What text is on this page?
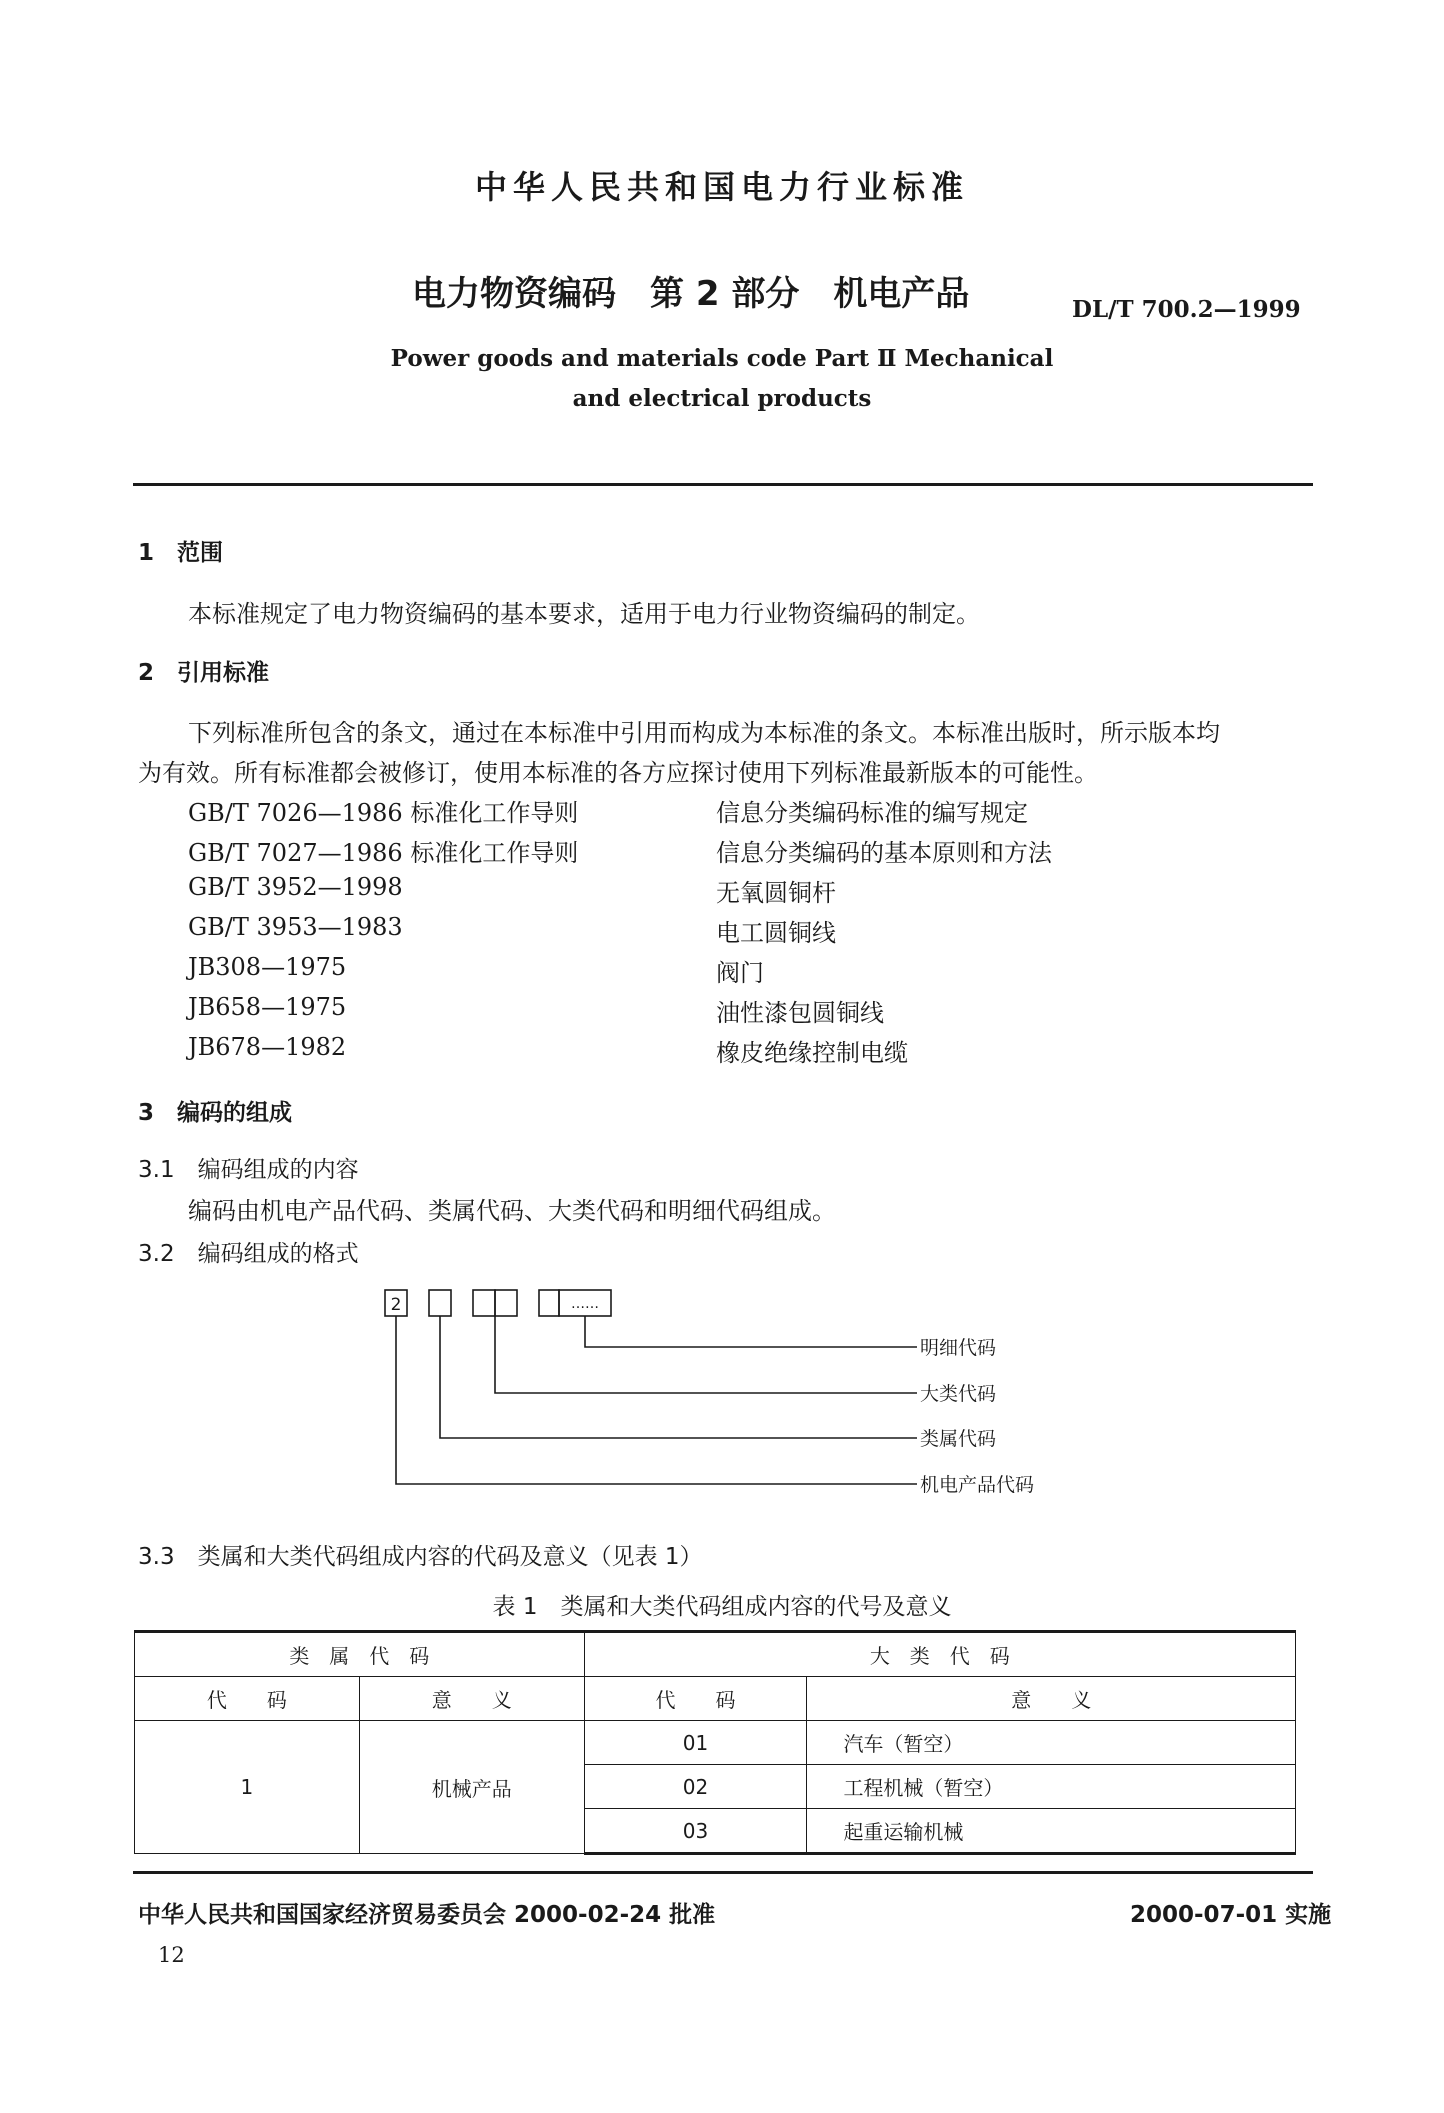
中华人民共和国电力行业标准
电力物资编码　第 2 部分　机电产品	DL/T 700.2—1999
Power goods and materials code Part Ⅱ Mechanical
and electrical products
1　范围
本标准规定了电力物资编码的基本要求，适用于电力行业物资编码的制定。
2　引用标准
下列标准所包含的条文，通过在本标准中引用而构成为本标准的条文。本标准出版时，所示版本均
为有效。所有标准都会被修订，使用本标准的各方应探讨使用下列标准最新版本的可能性。
GB/T 7026—1986 标准化工作导则	信息分类编码标准的编写规定
GB/T 7027—1986 标准化工作导则	信息分类编码的基本原则和方法
GB/T 3952—1998	无氧圆铜杆
GB/T 3953—1983	电工圆铜线
JB308—1975	阀门
JB658—1975	油性漆包圆铜线
JB678—1982	橡皮绝缘控制电缆
3　编码的组成
3.1　编码组成的内容
编码由机电产品代码、类属代码、大类代码和明细代码组成。
3.2　编码组成的格式
2	……
明细代码
大类代码
类属代码
机电产品代码
3.3　类属和大类代码组成内容的代码及意义（见表 1）
表 1　类属和大类代码组成内容的代号及意义
类　属　代　码		大　类　代　码	
代　　码	意　　义	代　　码	意　　义
1	机械产品	01	汽车（暂空）
		02	工程机械（暂空）
		03	起重运输机械
中华人民共和国国家经济贸易委员会 2000-02-24 批准	2000-07-01 实施
12
